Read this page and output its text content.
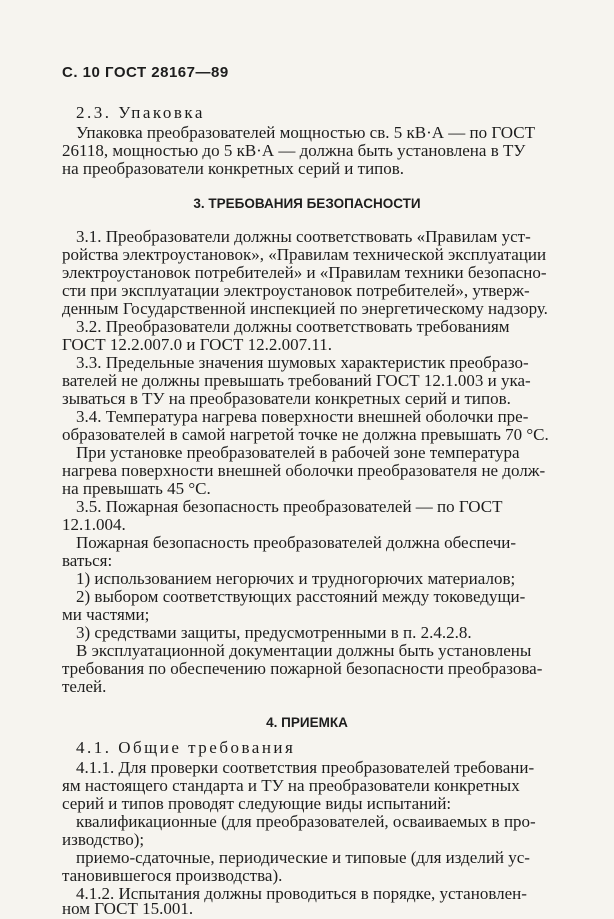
С. 10 ГОСТ 28167—89
2.3. Упаковка
Упаковка преобразователей мощностью св. 5 кВ·А — по ГОСТ
26118, мощностью до 5 кВ·А — должна быть установлена в ТУ
на преобразователи конкретных серий и типов.
3. ТРЕБОВАНИЯ БЕЗОПАСНОСТИ
3.1. Преобразователи должны соответствовать «Правилам уст-
ройства электроустановок», «Правилам технической эксплуатации
электроустановок потребителей» и «Правилам техники безопасно-
сти при эксплуатации электроустановок потребителей», утверж-
денным Государственной инспекцией по энергетическому надзору.
3.2. Преобразователи должны соответствовать требованиям
ГОСТ 12.2.007.0 и ГОСТ 12.2.007.11.
3.3. Предельные значения шумовых характеристик преобразо-
вателей не должны превышать требований ГОСТ 12.1.003 и ука-
зываться в ТУ на преобразователи конкретных серий и типов.
3.4. Температура нагрева поверхности внешней оболочки пре-
образователей в самой нагретой точке не должна превышать 70 °С.
При установке преобразователей в рабочей зоне температура
нагрева поверхности внешней оболочки преобразователя не долж-
на превышать 45 °С.
3.5. Пожарная безопасность преобразователей — по ГОСТ
12.1.004.
Пожарная безопасность преобразователей должна обеспечи-
ваться:
1) использованием негорючих и трудногорючих материалов;
2) выбором соответствующих расстояний между токоведущи-
ми частями;
3) средствами защиты, предусмотренными в п. 2.4.2.8.
В эксплуатационной документации должны быть установлены
требования по обеспечению пожарной безопасности преобразова-
телей.
4. ПРИЕМКА
4.1. Общие требования
4.1.1. Для проверки соответствия преобразователей требовани-
ям настоящего стандарта и ТУ на преобразователи конкретных
серий и типов проводят следующие виды испытаний:
квалификационные (для преобразователей, осваиваемых в про-
изводство);
приемо-сдаточные, периодические и типовые (для изделий ус-
тановившегося производства).
4.1.2. Испытания должны проводиться в порядке, установлен-
ном ГОСТ 15.001.
